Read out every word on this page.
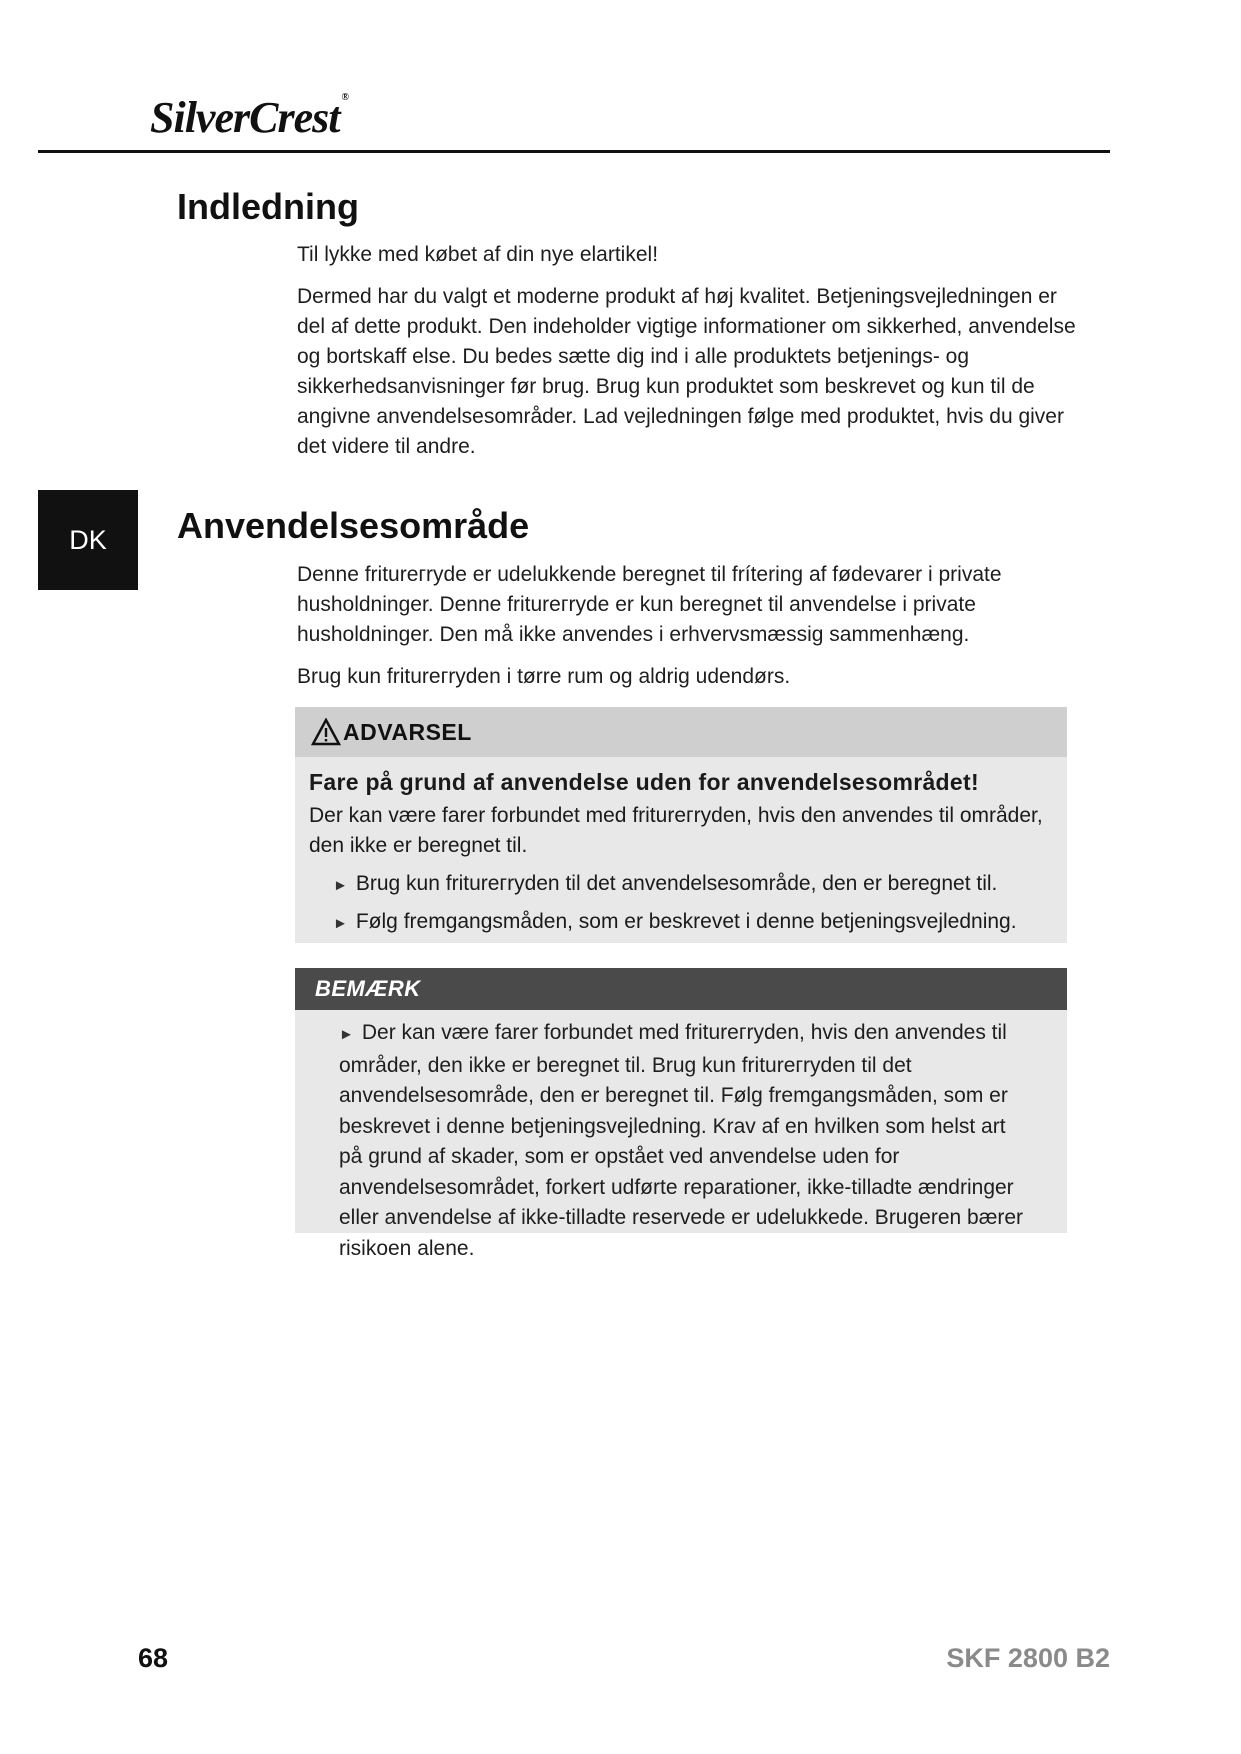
SilverCrest ®
DK
Indledning

Til lykke med købet af din nye elartikel!

Dermed har du valgt et moderne produkt af høj kvalitet. Betjeningsvejledningen er del af dette produkt. Den indeholder vigtige informationer om sikkerhed, anvendelse og bortskaff else. Du bedes sætte dig ind i alle produktets betjenings- og sikkerhedsanvisninger før brug. Brug kun produktet som beskrevet og kun til de angivne anvendelsesområder. Lad vejledningen følge med produktet, hvis du giver det videre til andre.

Anvendelsesområde

Denne friturегryde er udelukkende beregnet til frítering af fødevarer i private husholdninger. Denne friturегryde er kun beregnet til anvendelse i private husholdninger. Den må ikke anvendes i erhvervsmæssig sammenhæng.

Brug kun friturегryden i tørre rum og aldrig udendørs.

ADVARSEL
Fare på grund af anvendelse uden for anvendelsesområdet!
Der kan være farer forbundet med friturегryden, hvis den anvendes til områder, den ikke er beregnet til.
► Brug kun friturегryden til det anvendelsesområde, den er beregnet til.
► Følg fremgangsmåden, som er beskrevet i denne betjeningsvejledning.
BEMÆRK
► Der kan være farer forbundet med friturегryden, hvis den anvendes til områder, den ikke er beregnet til. Brug kun friturегryden til det anvendelsesområde, den er beregnet til. Følg fremgangsmåden, som er beskrevet i denne betjeningsvejledning. Krav af en hvilken som helst art på grund af skader, som er opstået ved anvendelse uden for anvendelsesområdet, forkert udførte reparationer, ikke-tilladte ændringer eller anvendelse af ikke-tilladte reservede er udelukkede. Brugeren bærer risikoen alene.
68	SKF 2800 B2
